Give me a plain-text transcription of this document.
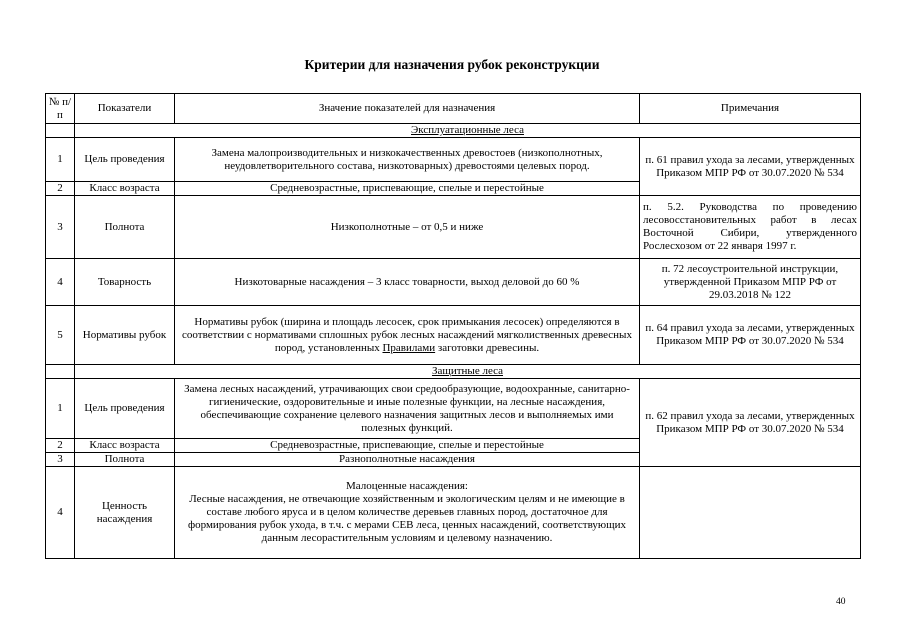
Критерии для назначения рубок реконструкции
№ п/п	Показатели	Значение показателей для назначения	Примечания
	Эксплуатационные леса		
1	Цель проведения	Замена малопроизводительных и низкокачественных древостоев (низкополнотных, неудовлетворительного состава, низкотоварных) древостоями целевых пород.	п. 61 правил ухода за лесами, утвержденных Приказом МПР РФ от 30.07.2020 № 534
2	Класс возраста	Средневозрастные, приспевающие, спелые и перестойные	
3	Полнота	Низкополнотные – от 0,5 и ниже	п. 5.2. Руководства по проведению лесовосстановительных работ в лесах Восточной Сибири, утвержденного Рослесхозом от 22 января 1997 г.
4	Товарность	Низкотоварные насаждения – 3 класс товарности, выход деловой до 60 %	п. 72 лесоустроительной инструкции, утвержденной Приказом МПР РФ от 29.03.2018 № 122
5	Нормативы рубок	Нормативы рубок (ширина и площадь лесосек, срок примыкания лесосек) определяются в соответствии с нормативами сплошных рубок лесных насаждений мягколиственных древесных пород, установленных Правилами заготовки древесины.	п. 64 правил ухода за лесами, утвержденных Приказом МПР РФ от 30.07.2020 № 534
	Защитные леса		
1	Цель проведения	Замена лесных насаждений, утрачивающих свои средообразующие, водоохранные, санитарно-гигиенические, оздоровительные и иные полезные функции, на лесные насаждения, обеспечивающие сохранение целевого назначения защитных лесов и выполняемых ими полезных функций.	п. 62 правил ухода за лесами, утвержденных Приказом МПР РФ от 30.07.2020 № 534
2	Класс возраста	Средневозрастные, приспевающие, спелые и перестойные	
3	Полнота	Разнополнотные насаждения	
4	Ценность насаждения	Малоценные насаждения:
Лесные насаждения, не отвечающие хозяйственным и экологическим целям и не имеющие в составе любого яруса и в целом количестве деревьев главных пород, достаточное для формирования рубок ухода, в т.ч. с мерами СЕВ леса, ценных насаждений, соответствующих данным лесорастительным условиям и целевому назначению.	

40
